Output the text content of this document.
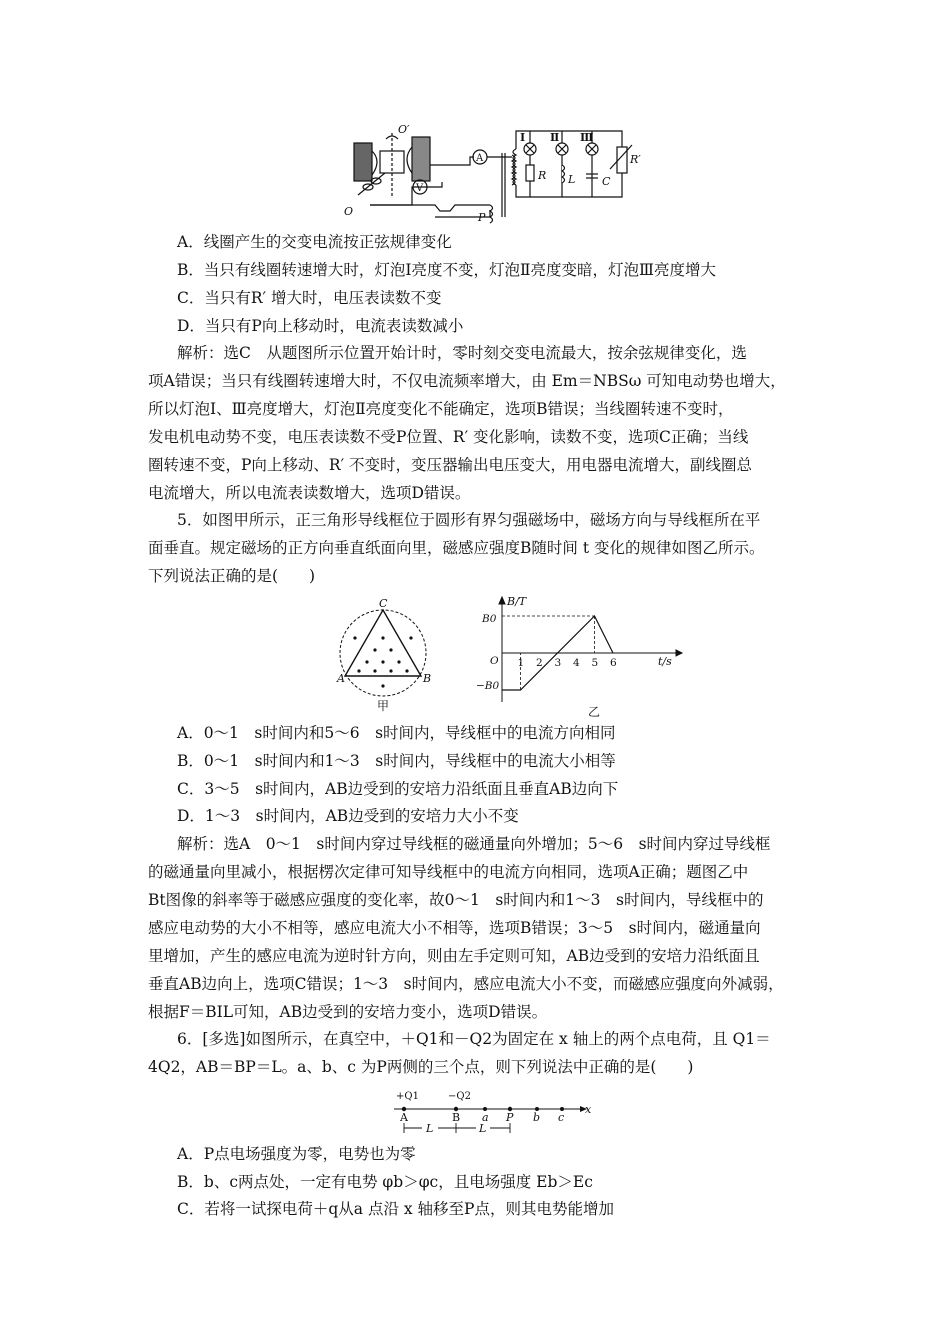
O′
O
A
V
P
Ⅰ Ⅱ Ⅲ
R L C
R′
A．线圈产生的交变电流按正弦规律变化
B．当只有线圈转速增大时，灯泡Ⅰ亮度不变，灯泡Ⅱ亮度变暗，灯泡Ⅲ亮度增大
C．当只有R′ 增大时，电压表读数不变
D．当只有P向上移动时，电流表读数减小
解析：选C　从题图所示位置开始计时，零时刻交变电流最大，按余弦规律变化，选
项A错误；当只有线圈转速增大时，不仅电流频率增大，由 Em＝NBSω 可知电动势也增大，
所以灯泡Ⅰ、Ⅲ亮度增大，灯泡Ⅱ亮度变化不能确定，选项B错误；当线圈转速不变时，
发电机电动势不变，电压表读数不受P位置、R′ 变化影响，读数不变，选项C正确；当线
圈转速不变，P向上移动、R′ 不变时，变压器输出电压变大，用电器电流增大，副线圈总
电流增大，所以电流表读数增大，选项D错误。
5．如图甲所示，正三角形导线框位于圆形有界匀强磁场中，磁场方向与导线框所在平
面垂直。规定磁场的正方向垂直纸面向里，磁感应强度B随时间 t 变化的规律如图乙所示。
下列说法正确的是(　　)
C
A	B
甲
1 2 3 4 5 6
B/T
t/s
O
B0
−B0
乙
A．0～1　s时间内和5～6　s时间内，导线框中的电流方向相同
B．0～1　s时间内和1～3　s时间内，导线框中的电流大小相等
C．3～5　s时间内，AB边受到的安培力沿纸面且垂直AB边向下
D．1～3　s时间内，AB边受到的安培力大小不变
解析：选A　0～1　s时间内穿过导线框的磁通量向外增加；5～6　s时间内穿过导线框
的磁通量向里减小，根据楞次定律可知导线框中的电流方向相同，选项A正确；题图乙中
Bt图像的斜率等于磁感应强度的变化率，故0～1　s时间内和1～3　s时间内，导线框中的
感应电动势的大小不相等，感应电流大小不相等，选项B错误；3～5　s时间内，磁通量向
里增加，产生的感应电流为逆时针方向，则由左手定则可知，AB边受到的安培力沿纸面且
垂直AB边向上，选项C错误；1～3　s时间内，感应电流大小不变，而磁感应强度向外减弱，
根据F＝BIL可知，AB边受到的安培力变小，选项D错误。
6．[多选]如图所示，在真空中，＋Q1和－Q2为固定在 x 轴上的两个点电荷，且 Q1＝
4Q2，AB＝BP＝L。a、b、c 为P两侧的三个点，则下列说法中正确的是(　　)
+Q1	−Q2
A	B a P b c
x
L	L
A．P点电场强度为零，电势也为零
B．b、c两点处，一定有电势 φb＞φc，且电场强度 Eb＞Ec
C．若将一试探电荷＋q从a 点沿 x 轴移至P点，则其电势能增加
